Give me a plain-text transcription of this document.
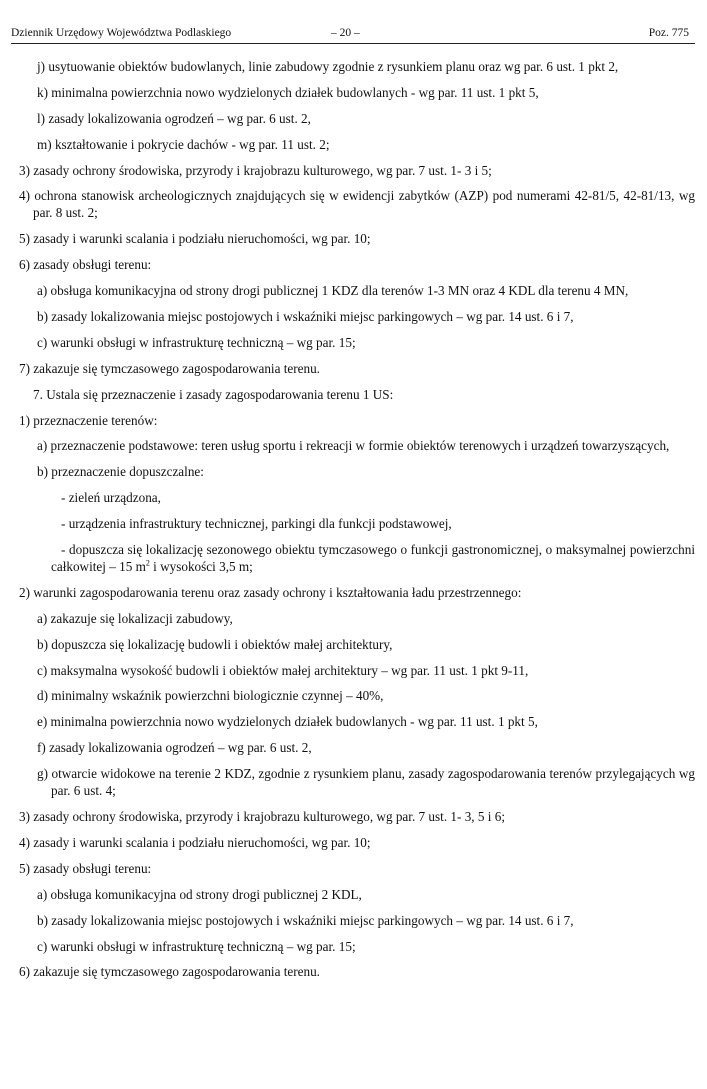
Dziennik Urzędowy Województwa Podlaskiego	– 20 –	Poz. 775

j) usytuowanie obiektów budowlanych, linie zabudowy zgodnie z rysunkiem planu oraz wg par. 6 ust. 1 pkt 2,

k) minimalna powierzchnia nowo wydzielonych działek budowlanych - wg par. 11 ust. 1 pkt 5,

l) zasady lokalizowania ogrodzeń – wg par. 6 ust. 2,

m) kształtowanie i pokrycie dachów - wg par. 11 ust. 2;

3) zasady ochrony środowiska, przyrody i krajobrazu kulturowego, wg par. 7 ust. 1- 3 i 5;

4) ochrona stanowisk archeologicznych znajdujących się w ewidencji zabytków (AZP) pod numerami 42-81/5, 42-81/13, wg par. 8 ust. 2;

5) zasady i warunki scalania i podziału nieruchomości, wg par. 10;

6) zasady obsługi terenu:

a) obsługa komunikacyjna od strony drogi publicznej 1 KDZ dla terenów 1-3 MN oraz 4 KDL dla terenu 4 MN,

b) zasady lokalizowania miejsc postojowych i wskaźniki miejsc parkingowych – wg par. 14 ust. 6 i 7,

c) warunki obsługi w infrastrukturę techniczną – wg par. 15;

7) zakazuje się tymczasowego zagospodarowania terenu.

7. Ustala się przeznaczenie i zasady zagospodarowania terenu 1 US:

1) przeznaczenie terenów:

a) przeznaczenie podstawowe: teren usług sportu i rekreacji w formie obiektów terenowych i urządzeń towarzyszących,

b) przeznaczenie dopuszczalne:

- zieleń urządzona,

- urządzenia infrastruktury technicznej, parkingi dla funkcji podstawowej,

- dopuszcza się lokalizację sezonowego obiektu tymczasowego o funkcji gastronomicznej, o maksymalnej powierzchni całkowitej – 15 $m^2$ i wysokości 3,5 m;

2) warunki zagospodarowania terenu oraz zasady ochrony i kształtowania ładu przestrzennego:

a) zakazuje się lokalizacji zabudowy,

b) dopuszcza się lokalizację budowli i obiektów małej architektury,

c) maksymalna wysokość budowli i obiektów małej architektury – wg par. 11 ust. 1 pkt 9-11,

d) minimalny wskaźnik powierzchni biologicznie czynnej – 40%,

e) minimalna powierzchnia nowo wydzielonych działek budowlanych - wg par. 11 ust. 1 pkt 5,

f) zasady lokalizowania ogrodzeń – wg par. 6 ust. 2,

g) otwarcie widokowe na terenie 2 KDZ, zgodnie z rysunkiem planu, zasady zagospodarowania terenów przylegających wg par. 6 ust. 4;

3) zasady ochrony środowiska, przyrody i krajobrazu kulturowego, wg par. 7 ust. 1- 3, 5 i 6;

4) zasady i warunki scalania i podziału nieruchomości, wg par. 10;

5) zasady obsługi terenu:

a) obsługa komunikacyjna od strony drogi publicznej 2 KDL,

b) zasady lokalizowania miejsc postojowych i wskaźniki miejsc parkingowych – wg par. 14 ust. 6 i 7,

c) warunki obsługi w infrastrukturę techniczną – wg par. 15;

6) zakazuje się tymczasowego zagospodarowania terenu.
